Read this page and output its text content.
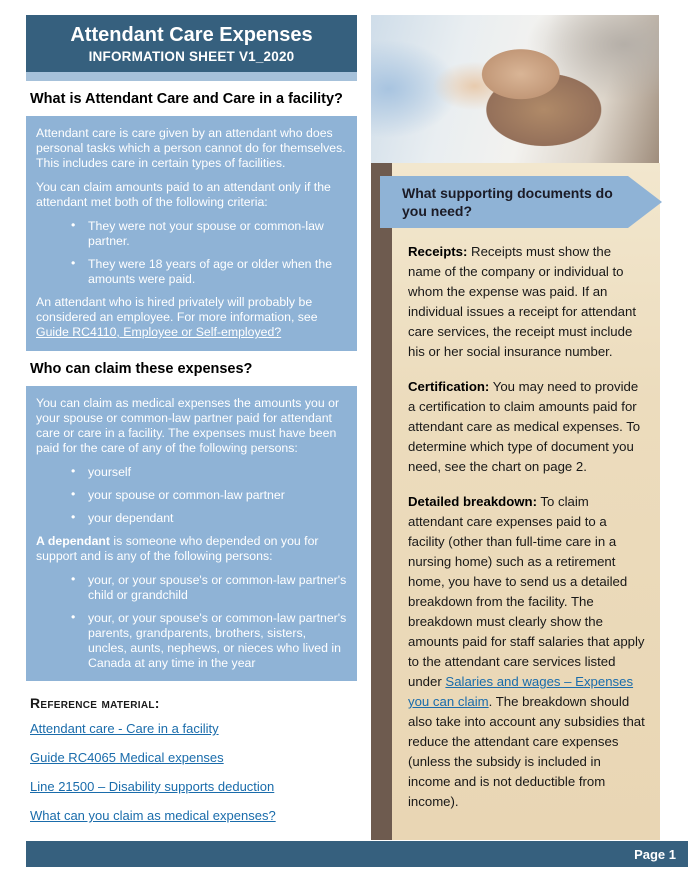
Attendant Care Expenses
INFORMATION SHEET V1_2020
What is Attendant Care and Care in a facility?

Attendant care is care given by an attendant who does personal tasks which a person cannot do for themselves. This includes care in certain types of facilities.

You can claim amounts paid to an attendant only if the attendant met both of the following criteria:

• They were not your spouse or common-law partner.
• They were 18 years of age or older when the amounts were paid.

An attendant who is hired privately will probably be considered an employee. For more information, see Guide RC4110, Employee or Self-employed?

Who can claim these expenses?

You can claim as medical expenses the amounts you or your spouse or common-law partner paid for attendant care or care in a facility. The expenses must have been paid for the care of any of the following persons:

• yourself
• your spouse or common-law partner
• your dependant

A dependant is someone who depended on you for support and is any of the following persons:

• your, or your spouse's or common-law partner's child or grandchild
• your, or your spouse's or common-law partner's parents, grandparents, brothers, sisters, uncles, aunts, nephews, or nieces who lived in Canada at any time in the year
Reference material:
Attendant care - Care in a facility
Guide RC4065 Medical expenses
Line 21500 – Disability supports deduction
What can you claim as medical expenses?
What supporting documents do you need?

Receipts: Receipts must show the name of the company or individual to whom the expense was paid. If an individual issues a receipt for attendant care services, the receipt must include his or her social insurance number.

Certification: You may need to provide a certification to claim amounts paid for attendant care as medical expenses. To determine which type of document you need, see the chart on page 2.

Detailed breakdown: To claim attendant care expenses paid to a facility (other than full-time care in a nursing home) such as a retirement home, you have to send us a detailed breakdown from the facility. The breakdown must clearly show the amounts paid for staff salaries that apply to the attendant care services listed under Salaries and wages – Expenses you can claim. The breakdown should also take into account any subsidies that reduce the attendant care expenses (unless the subsidy is included in income and is not deductible from income).

Page 1
